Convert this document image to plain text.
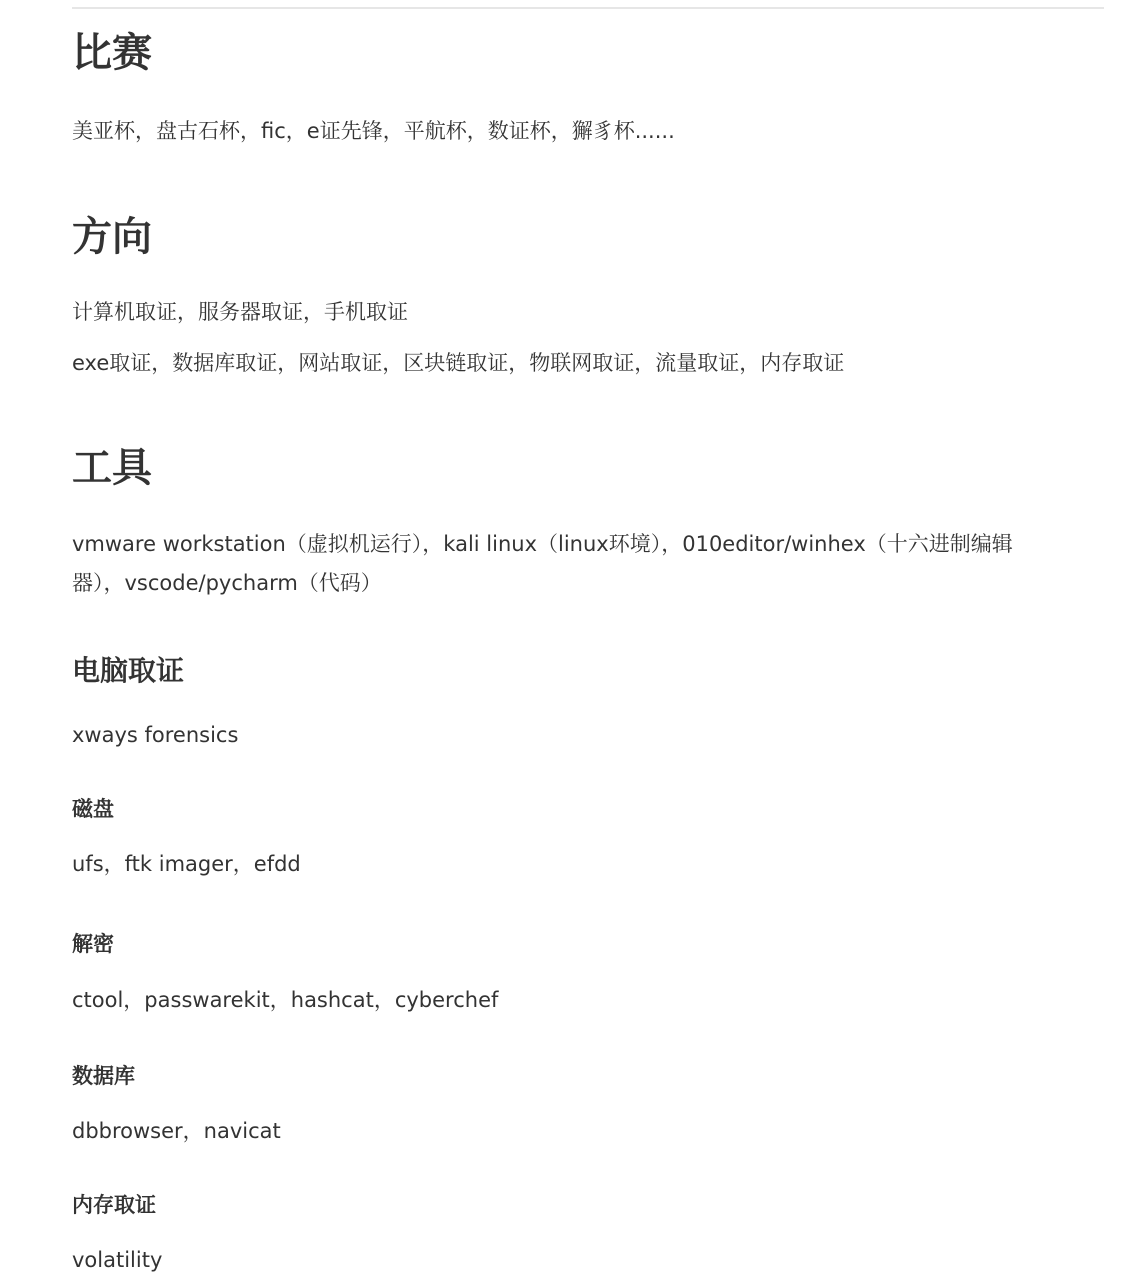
比赛

美亚杯，盘古石杯，fic，e证先锋，平航杯，数证杯，獬豸杯......

方向

计算机取证，服务器取证，手机取证

exe取证，数据库取证，网站取证，区块链取证，物联网取证，流量取证，内存取证

工具

vmware workstation（虚拟机运行），kali linux（linux环境），010editor/winhex（十六进制编辑

器），vscode/pycharm（代码）

电脑取证

xways forensics

磁盘

ufs，ftk imager，efdd

解密

ctool，passwarekit，hashcat，cyberchef

数据库

dbbrowser，navicat

内存取证

volatility
